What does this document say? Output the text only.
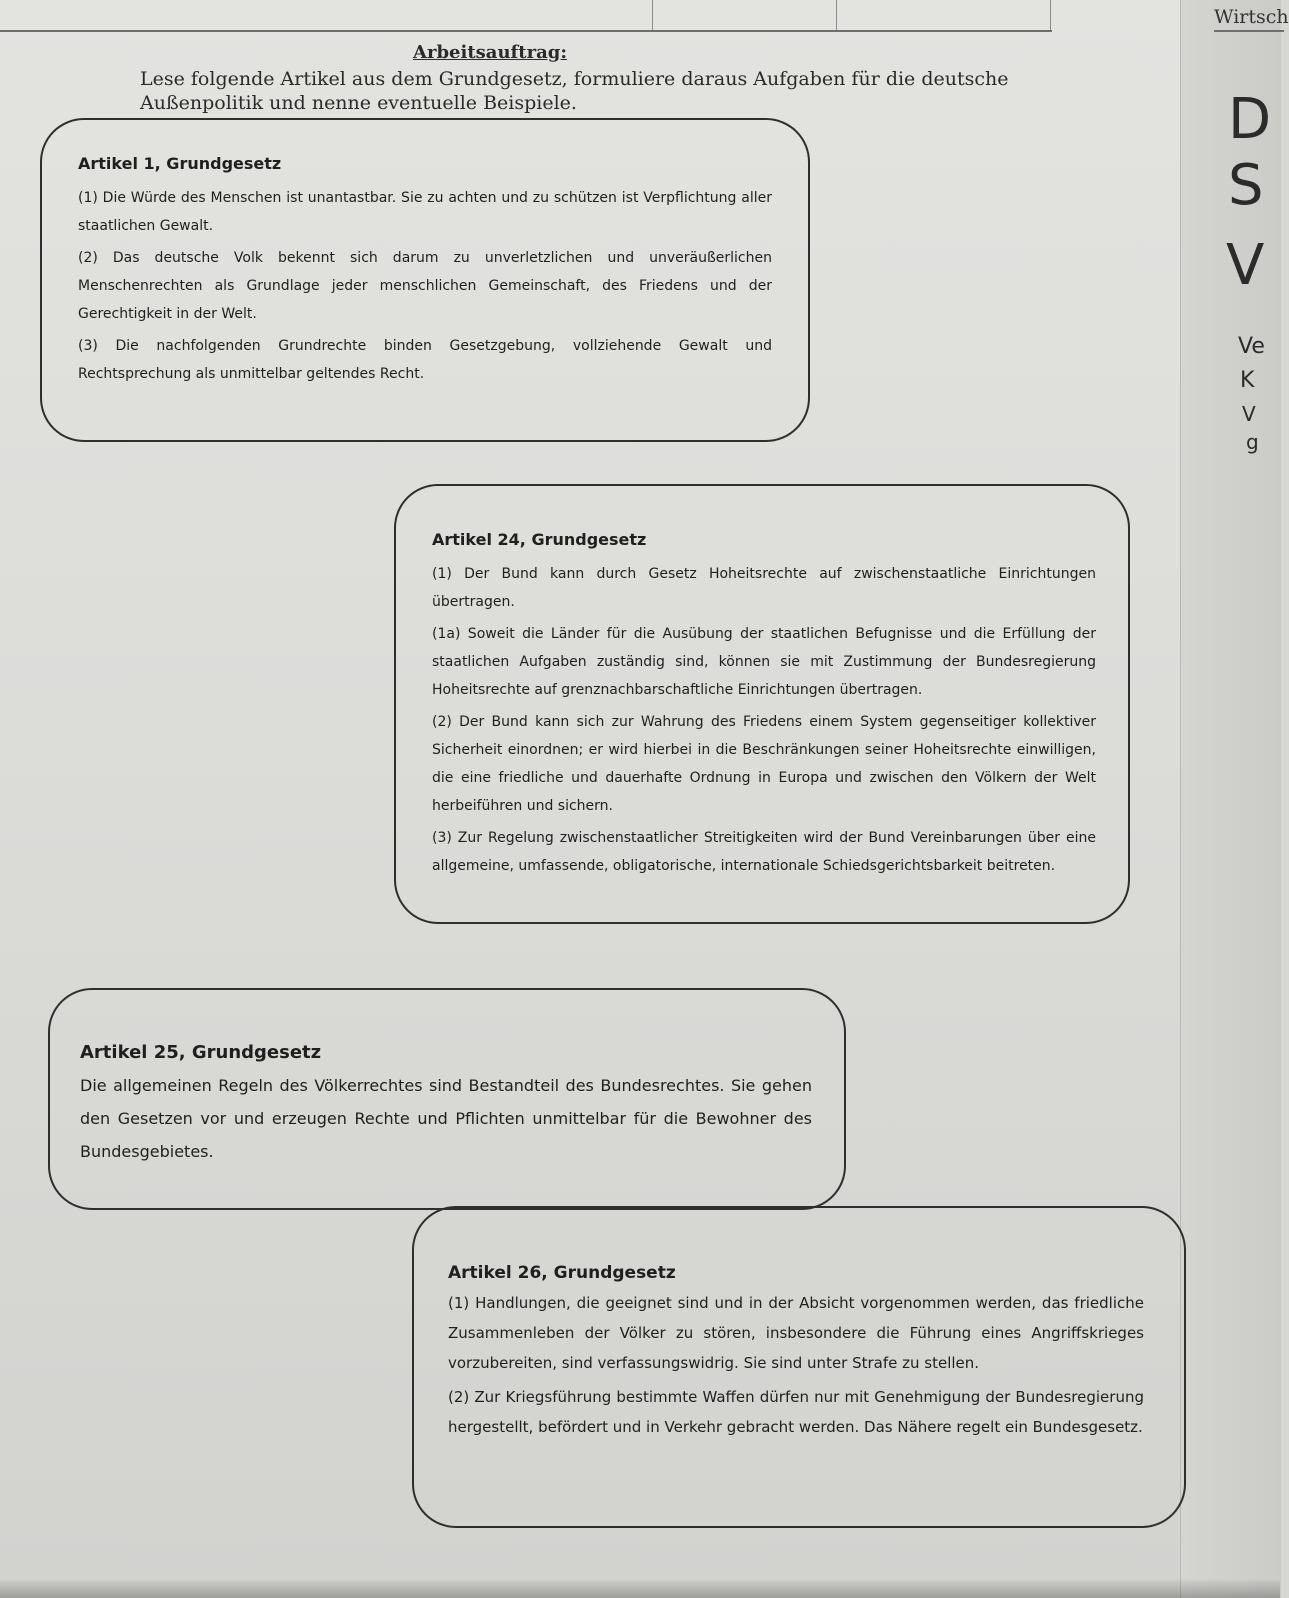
Wirtsch
D
S
V
Ve
K
V
g
Arbeitsauftrag:
Lese folgende Artikel aus dem Grundgesetz, formuliere daraus Aufgaben für die deutsche Außenpolitik und nenne eventuelle Beispiele.
Artikel 1, Grundgesetz

(1) Die Würde des Menschen ist unantastbar. Sie zu achten und zu schützen ist Verpflichtung aller staatlichen Gewalt.

(2) Das deutsche Volk bekennt sich darum zu unverletzlichen und unveräußerlichen Menschenrechten als Grundlage jeder menschlichen Gemeinschaft, des Friedens und der Gerechtigkeit in der Welt.

(3) Die nachfolgenden Grundrechte binden Gesetzgebung, vollziehende Gewalt und Rechtsprechung als unmittelbar geltendes Recht.

Artikel 24, Grundgesetz

(1) Der Bund kann durch Gesetz Hoheitsrechte auf zwischenstaatliche Einrichtungen übertragen.

(1a) Soweit die Länder für die Ausübung der staatlichen Befugnisse und die Erfüllung der staatlichen Aufgaben zuständig sind, können sie mit Zustimmung der Bundesregierung Hoheitsrechte auf grenznachbarschaftliche Einrichtungen übertragen.

(2) Der Bund kann sich zur Wahrung des Friedens einem System gegenseitiger kollektiver Sicherheit einordnen; er wird hierbei in die Beschränkungen seiner Hoheitsrechte einwilligen, die eine friedliche und dauerhafte Ordnung in Europa und zwischen den Völkern der Welt herbeiführen und sichern.

(3) Zur Regelung zwischenstaatlicher Streitigkeiten wird der Bund Vereinbarungen über eine allgemeine, umfassende, obligatorische, internationale Schiedsgerichtsbarkeit beitreten.

Artikel 25, Grundgesetz

Die allgemeinen Regeln des Völkerrechtes sind Bestandteil des Bundesrechtes. Sie gehen den Gesetzen vor und erzeugen Rechte und Pflichten unmittelbar für die Bewohner des Bundesgebietes.

Artikel 26, Grundgesetz

(1) Handlungen, die geeignet sind und in der Absicht vorgenommen werden, das friedliche Zusammenleben der Völker zu stören, insbesondere die Führung eines Angriffskrieges vorzubereiten, sind verfassungswidrig. Sie sind unter Strafe zu stellen.

(2) Zur Kriegsführung bestimmte Waffen dürfen nur mit Genehmigung der Bundesregierung hergestellt, befördert und in Verkehr gebracht werden. Das Nähere regelt ein Bundesgesetz.
